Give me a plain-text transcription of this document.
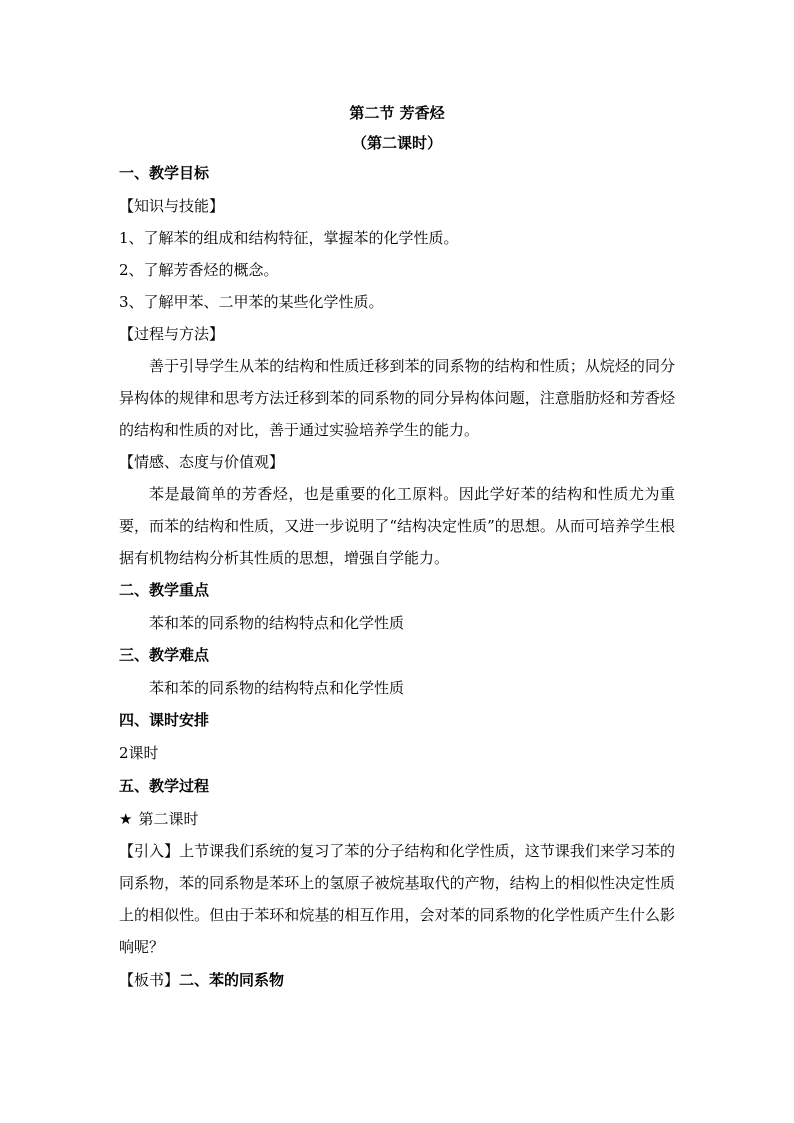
第二节 芳香烃

（第二课时）

一、教学目标

【知识与技能】

1、了解苯的组成和结构特征，掌握苯的化学性质。

2、了解芳香烃的概念。

3、了解甲苯、二甲苯的某些化学性质。

【过程与方法】

善于引导学生从苯的结构和性质迁移到苯的同系物的结构和性质；从烷烃的同分异构体的规律和思考方法迁移到苯的同系物的同分异构体问题，注意脂肪烃和芳香烃的结构和性质的对比，善于通过实验培养学生的能力。

【情感、态度与价值观】

苯是最简单的芳香烃，也是重要的化工原料。因此学好苯的结构和性质尤为重要，而苯的结构和性质，又进一步说明了“结构决定性质”的思想。从而可培养学生根据有机物结构分析其性质的思想，增强自学能力。

二、教学重点

苯和苯的同系物的结构特点和化学性质

三、教学难点

苯和苯的同系物的结构特点和化学性质

四、课时安排

2课时

五、教学过程

★ 第二课时

【引入】上节课我们系统的复习了苯的分子结构和化学性质，这节课我们来学习苯的同系物，苯的同系物是苯环上的氢原子被烷基取代的产物，结构上的相似性决定性质上的相似性。但由于苯环和烷基的相互作用，会对苯的同系物的化学性质产生什么影响呢？

【板书】二、苯的同系物
